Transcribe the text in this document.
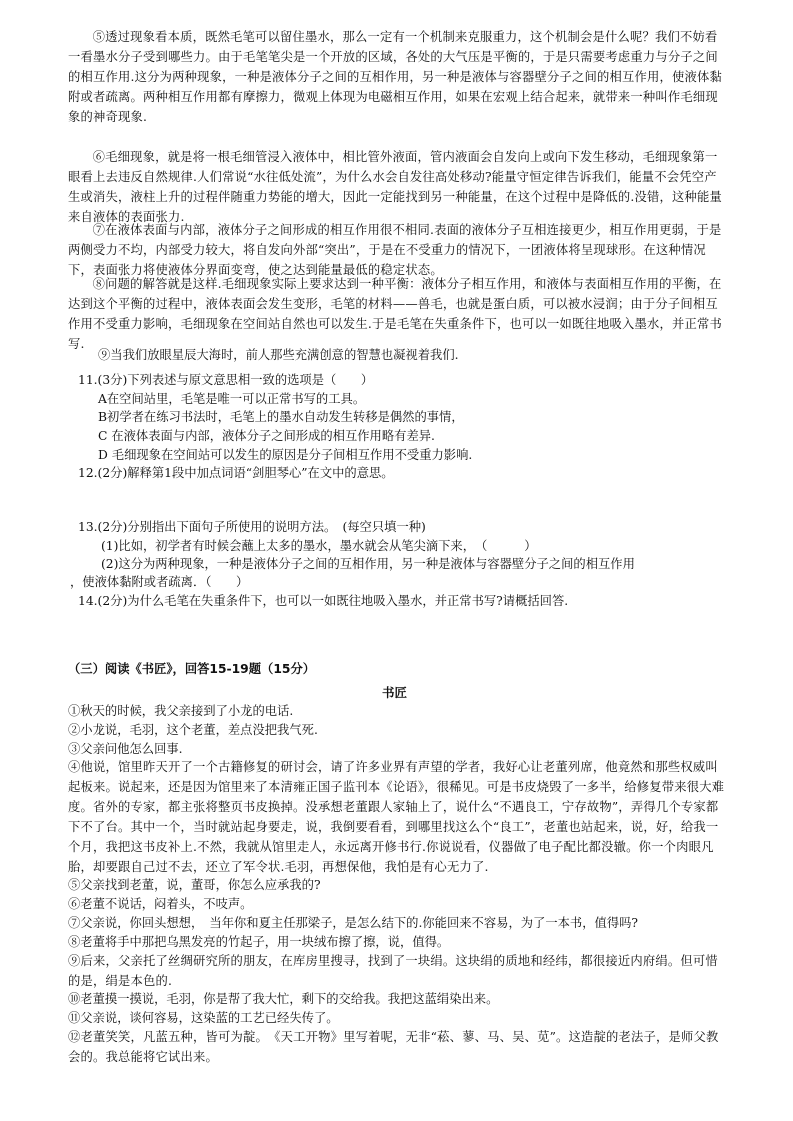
⑤透过现象看本质，既然毛笔可以留住墨水，那么一定有一个机制来克服重力，这个机制会是什么呢？我们不妨看一看墨水分子受到哪些力。由于毛笔笔尖是一个开放的区域，各处的大气压是平衡的，于是只需要考虑重力与分子之间的相互作用.这分为两种现象，一种是液体分子之间的互相作用，另一种是液体与容器壁分子之间的相互作用，使液体黏附或者疏离。两种相互作用都有摩擦力，微观上体现为电磁相互作用，如果在宏观上结合起来，就带来一种叫作毛细现象的神奇现象.
⑥毛细现象，就是将一根毛细管浸入液体中，相比管外液面，管内液面会自发向上或向下发生移动，毛细现象第一眼看上去违反自然规律.人们常说“水往低处流”，为什么水会自发往高处移动?能量守恒定律告诉我们，能量不会凭空产生或消失，液柱上升的过程伴随重力势能的增大，因此一定能找到另一种能量，在这个过程中是降低的.没错，这种能量来自液体的表面张力.
⑦在液体表面与内部，液体分子之间形成的相互作用很不相同.表面的液体分子互相连接更少，相互作用更弱，于是两侧受力不均，内部受力较大，将自发向外部“突出”，于是在不受重力的情况下，一团液体将呈现球形。在这种情况下，表面张力将使液体分界面变弯，使之达到能量最低的稳定状态。
⑧问题的解答就是这样.毛细现象实际上要求达到一种平衡：液体分子相互作用，和液体与表面相互作用的平衡，在达到这个平衡的过程中，液体表面会发生变形，毛笔的材料——兽毛，也就是蛋白质，可以被水浸润；由于分子间相互作用不受重力影响，毛细现象在空间站自然也可以发生.于是毛笔在失重条件下，也可以一如既往地吸入墨水，并正常书写.
⑨当我们放眼星辰大海时，前人那些充满创意的智慧也凝视着我们.
11.(3分)下列表述与原文意思相一致的选项是（　　）
A在空间站里，毛笔是唯一可以正常书写的工具。
B初学者在练习书法时，毛笔上的墨水自动发生转移是偶然的事情，
C 在液体表面与内部，液体分子之间形成的相互作用略有差异.
D 毛细现象在空间站可以发生的原因是分子间相互作用不受重力影响.
12.(2分)解释第1段中加点词语“剑胆琴心”在文中的意思。
13.(2分)分别指出下面句子所使用的说明方法。　(每空只填一种)
(1)比如，初学者有时候会蘸上太多的墨水，墨水就会从笔尖滴下来，　（　　　）
(2)这分为两种现象，一种是液体分子之间的互相作用，另一种是液体与容器壁分子之间的相互作用
，使液体黏附或者疏离．（　　）
14.(2分)为什么毛笔在失重条件下，也可以一如既往地吸入墨水，并正常书写?请概括回答.
（三）阅读《书匠》，回答15-19题（15分）
书匠
①秋天的时候，我父亲接到了小龙的电话.
②小龙说，毛羽，这个老董，差点没把我气死.
③父亲问他怎么回事.
④他说，馆里昨天开了一个古籍修复的研讨会，请了许多业界有声望的学者，我好心让老董列席，他竟然和那些权威叫起板来。说起来，还是因为馆里来了本清雍正国子监刊本《论语》，很稀见。可是书皮烧毁了一多半，给修复带来很大难度。省外的专家，都主张将整页书皮换掉。没承想老董跟人家轴上了，说什么“不遇良工，宁存故物”，弄得几个专家都下不了台。其中一个，当时就站起身要走，说，我倒要看看，到哪里找这么个“良工”，老董也站起来，说，好，给我一个月，我把这书皮补上.不然，我就从馆里走人，永远离开修书行.你说说看，仪器做了电子配比都没辙。你一个肉眼凡胎，却要跟自己过不去，还立了军令状.毛羽，再想保他，我怕是有心无力了.
⑤父亲找到老董，说，董哥，你怎么应承我的?
⑥老董不说话，闷着头，不吱声。
⑦父亲说，你回头想想，　当年你和夏主任那梁子，是怎么结下的.你能回来不容易，为了一本书，值得吗?
⑧老董将手中那把乌黑发亮的竹起子，用一块绒布擦了擦，说，值得。
⑨后来，父亲托了丝绸研究所的朋友，在库房里搜寻，找到了一块绢。这块绢的质地和经纬，都很接近内府绢。但可惜的是，绢是本色的.
⑩老董摸一摸说，毛羽，你是帮了我大忙，剩下的交给我。我把这蓝绢染出来。
⑪父亲说，谈何容易，这染蓝的工艺已经失传了。
⑫老董笑笑，凡蓝五种，皆可为靛。　《天工开物》里写着呢，无非“菘、蓼、马、吴、苋”。这造靛的老法子，是师父教会的。我总能将它试出来。
